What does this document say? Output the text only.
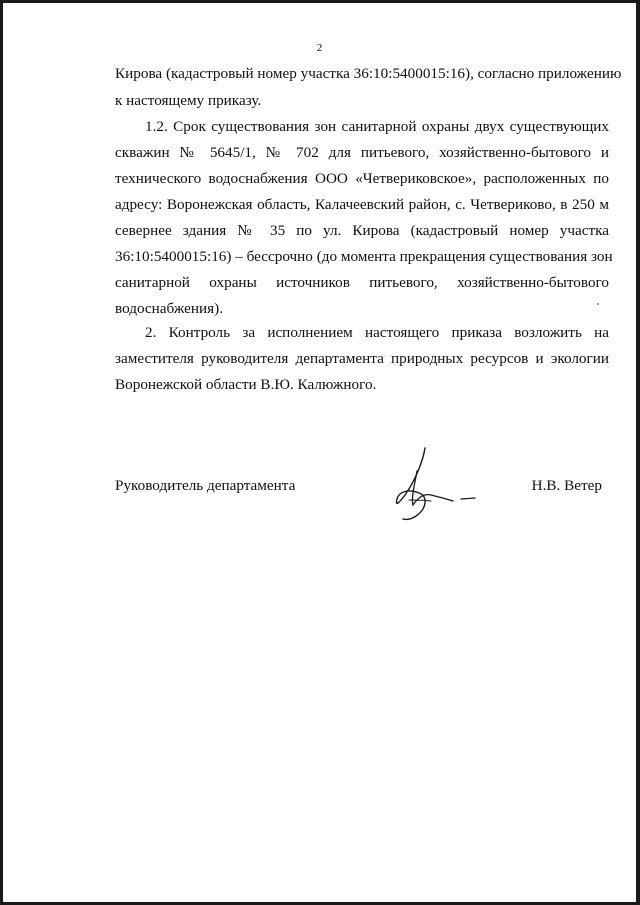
2
Кирова (кадастровый номер участка 36:10:5400015:16), согласно приложению
к настоящему приказу.
1.2. Срок существования зон санитарной охраны двух существующих
скважин № 5645/1, № 702 для питьевого, хозяйственно-бытового и
технического водоснабжения ООО «Четвериковское», расположенных по
адресу: Воронежская область, Калачеевский район, с. Четвериково, в 250 м
севернее здания № 35 по ул. Кирова (кадастровый номер участка
36:10:5400015:16) – бессрочно (до момента прекращения существования зон
санитарной охраны источников питьевого, хозяйственно-бытового
водоснабжения).
2. Контроль за исполнением настоящего приказа возложить на
заместителя руководителя департамента природных ресурсов и экологии
Воронежской области В.Ю. Калюжного.
Руководитель департамента	Н.В. Ветер
